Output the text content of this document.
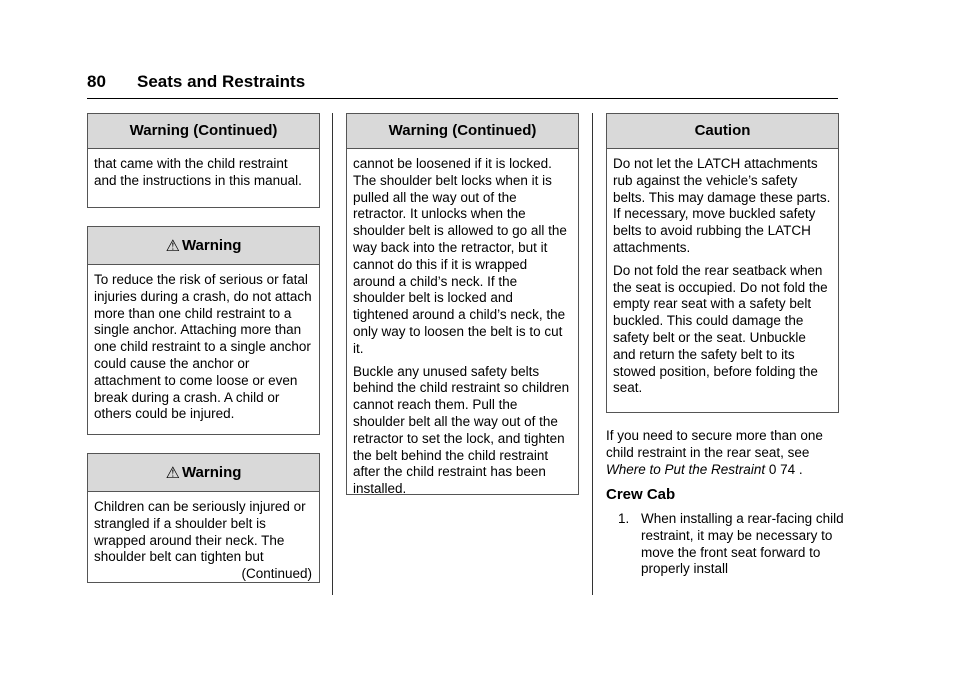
80 Seats and Restraints
Warning (Continued)

that came with the child restraint and the instructions in this manual.

⚠ Warning

To reduce the risk of serious or fatal injuries during a crash, do not attach more than one child restraint to a single anchor. Attaching more than one child restraint to a single anchor could cause the anchor or attachment to come loose or even break during a crash. A child or others could be injured.

⚠ Warning

Children can be seriously injured or strangled if a shoulder belt is wrapped around their neck. The shoulder belt can tighten but

(Continued)
Warning (Continued)

cannot be loosened if it is locked. The shoulder belt locks when it is pulled all the way out of the retractor. It unlocks when the shoulder belt is allowed to go all the way back into the retractor, but it cannot do this if it is wrapped around a child’s neck. If the shoulder belt is locked and tightened around a child’s neck, the only way to loosen the belt is to cut it.

Buckle any unused safety belts behind the child restraint so children cannot reach them. Pull the shoulder belt all the way out of the retractor to set the lock, and tighten the belt behind the child restraint after the child restraint has been installed.

Caution

Do not let the LATCH attachments rub against the vehicle’s safety belts. This may damage these parts. If necessary, move buckled safety belts to avoid rubbing the LATCH attachments.

Do not fold the rear seatback when the seat is occupied. Do not fold the empty rear seat with a safety belt buckled. This could damage the safety belt or the seat. Unbuckle and return the safety belt to its stowed position, before folding the seat.

If you need to secure more than one child restraint in the rear seat, see Where to Put the Restraint 0 74 .
Crew Cab
1. When installing a rear-facing child restraint, it may be necessary to move the front seat forward to properly install
